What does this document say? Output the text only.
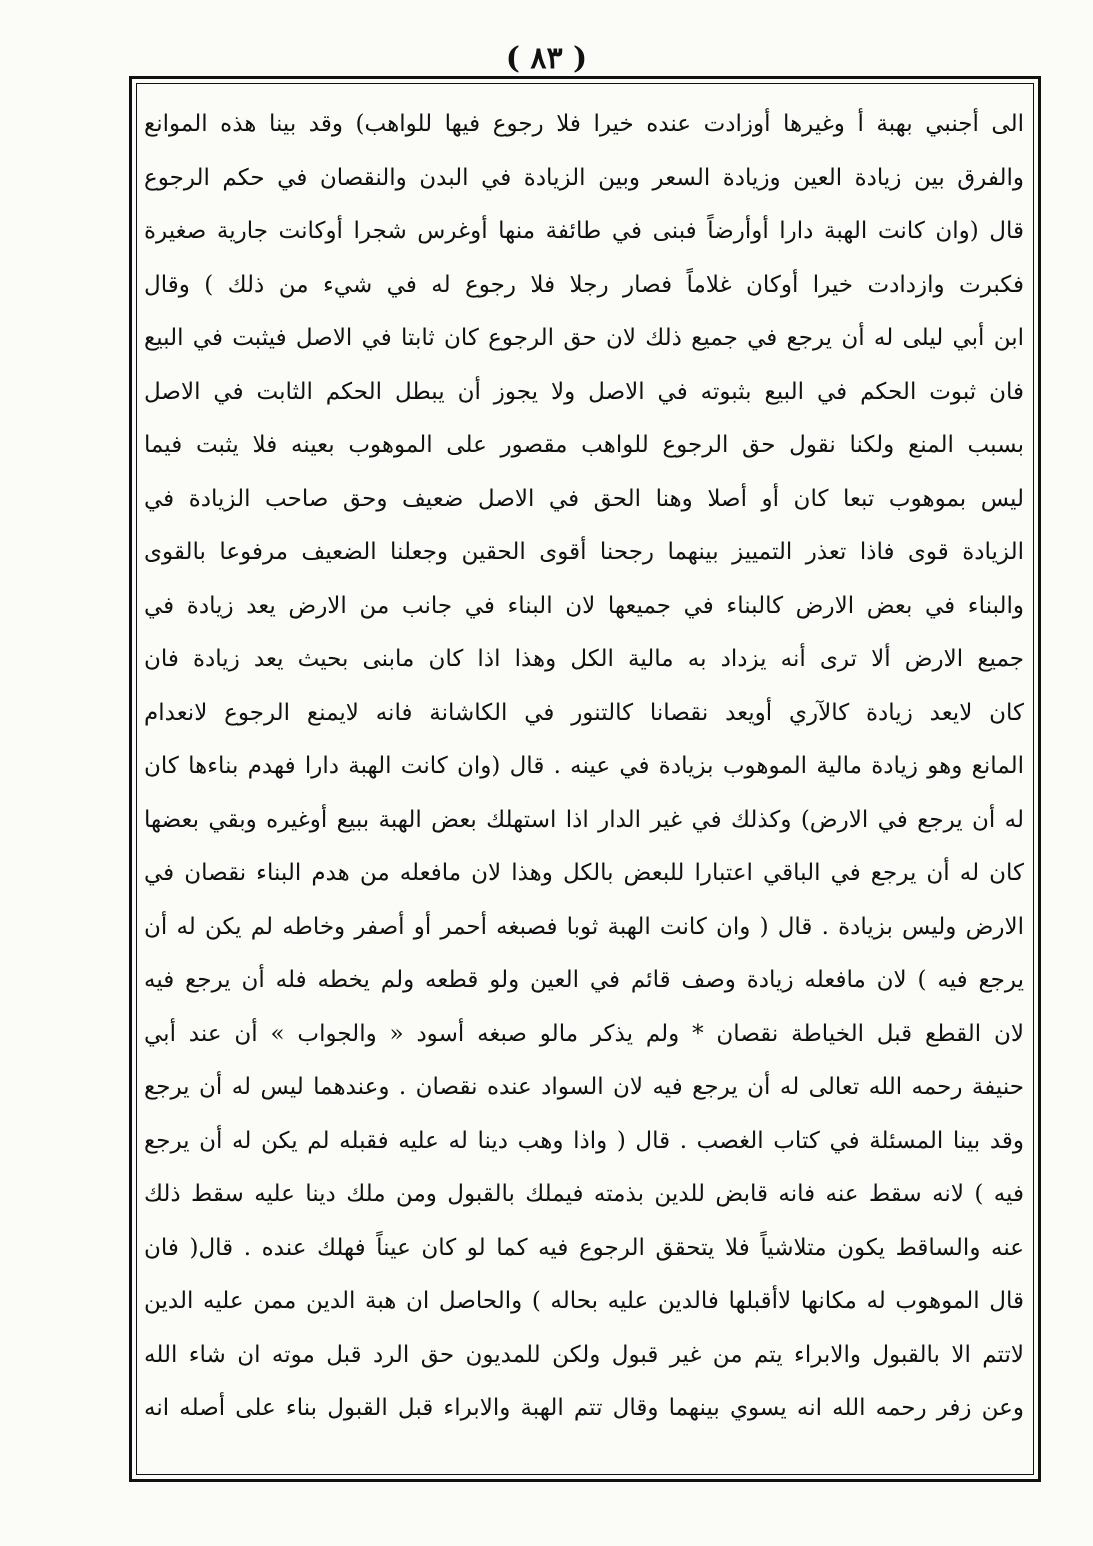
( ٨٣ )
الى أجنبي بهبة أ وغيرها أوزادت عنده خيرا فلا رجوع فيها للواهب) وقد بينا هذه الموانع
والفرق بين زيادة العين وزيادة السعر وبين الزيادة في البدن والنقصان في حكم الرجوع
قال (وان كانت الهبة دارا أوأرضاً فبنى في طائفة منها أوغرس شجرا أوكانت جارية صغيرة
فكبرت وازدادت خيرا أوكان غلاماً فصار رجلا فلا رجوع له في شيء من ذلك ) وقال
ابن أبي ليلى له أن يرجع في جميع ذلك لان حق الرجوع كان ثابتا في الاصل فيثبت في البيع
فان ثبوت الحكم في البيع بثبوته في الاصل ولا يجوز أن يبطل الحكم الثابت في الاصل
بسبب المنع ولكنا نقول حق الرجوع للواهب مقصور على الموهوب بعينه فلا يثبت فيما
ليس بموهوب تبعا كان أو أصلا وهنا الحق في الاصل ضعيف وحق صاحب الزيادة في
الزيادة قوى فاذا تعذر التمييز بينهما رجحنا أقوى الحقين وجعلنا الضعيف مرفوعا بالقوى
والبناء في بعض الارض كالبناء في جميعها لان البناء في جانب من الارض يعد زيادة في
جميع الارض ألا ترى أنه يزداد به مالية الكل وهذا اذا كان مابنى بحيث يعد زيادة فان
كان لايعد زيادة كالآري أويعد نقصانا كالتنور في الكاشانة فانه لايمنع الرجوع لانعدام
المانع وهو زيادة مالية الموهوب بزيادة في عينه . قال (وان كانت الهبة دارا فهدم بناءها كان
له أن يرجع في الارض) وكذلك في غير الدار اذا استهلك بعض الهبة ببيع أوغيره وبقي بعضها
كان له أن يرجع في الباقي اعتبارا للبعض بالكل وهذا لان مافعله من هدم البناء نقصان في
الارض وليس بزيادة . قال ( وان كانت الهبة ثوبا فصبغه أحمر أو أصفر وخاطه لم يكن له أن
يرجع فيه ) لان مافعله زيادة وصف قائم في العين ولو قطعه ولم يخطه فله أن يرجع فيه
لان القطع قبل الخياطة نقصان * ولم يذكر مالو صبغه أسود « والجواب » أن عند أبي
حنيفة رحمه الله تعالى له أن يرجع فيه لان السواد عنده نقصان . وعندهما ليس له أن يرجع
وقد بينا المسئلة في كتاب الغصب . قال ( واذا وهب دينا له عليه فقبله لم يكن له أن يرجع
فيه ) لانه سقط عنه فانه قابض للدين بذمته فيملك بالقبول ومن ملك دينا عليه سقط ذلك
عنه والساقط يكون متلاشياً فلا يتحقق الرجوع فيه كما لو كان عيناً فهلك عنده . قال( فان
قال الموهوب له مكانها لاأقبلها فالدين عليه بحاله ) والحاصل ان هبة الدين ممن عليه الدين
لاتتم الا بالقبول والابراء يتم من غير قبول ولكن للمديون حق الرد قبل موته ان شاء الله
وعن زفر رحمه الله انه يسوي بينهما وقال تتم الهبة والابراء قبل القبول بناء على أصله انه
